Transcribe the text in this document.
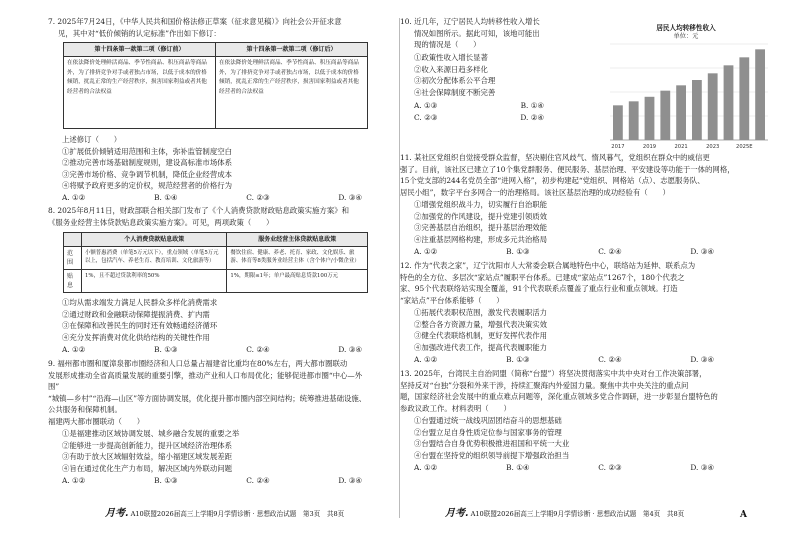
7. 2025年7月24日，《中华人民共和国价格法修正草案（征求意见稿）》向社会公开征求意
见，其中对“低价倾销的认定标准”作出如下修订：
第十四条第一款第二项（修订前）	第十四条第一款第二项（修订后）
在依法降价处理鲜活商品、季节性商品、积压商品等商品外，为了排挤竞争对手或者独占市场，以低于成本的价格倾销，扰乱正常的生产经营秩序，损害国家利益或者其他经营者的合法权益	在依法降价处理鲜活商品、季节性商品、积压商品等商品外，为了排挤竞争对手或者独占市场，以低于成本的价格倾销，扰乱正常的生产经营秩序，损害国家利益或者其他经营者的合法权益
上述修订（　　）
①扩展低价倾销适用范围和主体，弥补监管制度空白
②推动完善市场基础制度规则，建设高标准市场体系
③完善市场价格、竞争调节机制，降低企业经营成本
④将赋予政府更多的定价权，规范经营者的价格行为
A. ①②	B. ①④	C. ②③	D. ③④
8. 2025年8月11日，财政部联合相关部门发布了《个人消费贷款财政贴息政策实施方案》和
《服务业经营主体贷款贴息政策实施方案》。可见，两项政策（　　）
	个人消费贷款贴息政策	服务业经营主体贷款贴息政策
范围	小额普惠消费（单笔5万元以下），重点领域（单笔5万元以上，包括汽车、养老生育、教育培训、文化旅游等）	餐饮住宿、健康、养老、托育、家政、文化娱乐、旅游、体育等8类服务业经营主体（含个体户/小微企业）
贴息	1%，且不超过贷款利率的50%	1%，期限≤1年；单户最高贴息贷款100万元
①均从需求端发力满足人民群众多样化消费需求
②通过财政和金融联动保障提振消费、扩内需
③在保障和改善民生的同时还有效畅通经济循环
④充分发挥消费对优化供给结构的关键性作用
A. ①②	B. ①③	C. ②④	D. ③④
9. 福州都市圈和厦漳泉都市圈经济和人口总量占福建省比重均在80%左右，两大都市圈联动
发展形成推动全省高质量发展的重要引擎，推动产业和人口布局优化；能够促进都市圈“中心—外围”
“城镇—乡村”“沿海—山区”等方面协调发展，优化提升都市圈内部空间结构；统筹推进基础设施、公共服务和保障机制。
福建两大都市圈联动（　　）
①是福建推动区域协调发展、城乡融合发展的重要之举
②能够进一步提高创新能力，提升区域经济治理体系
③有助于放大区域辐射效益，缩小福建区域发展差距
④旨在通过优化生产力布局，解决区域内外联动问题
A. ①②	B. ①③	C. ②④	D. ③④
月考. A10联盟2026届高三上学期9月学情诊断 · 思想政治试题　第3页　共8页
10. 近几年，辽宁居民人均转移性收入增长
情况如图所示。据此可知，该地可能出
现的情况是（　　）
①政策性收入增长显著
②收入来源日趋多样化
③初次分配体系公平合理
④社会保障制度不断完善
A. ①③	B. ①④
C. ②③	D. ②④
居民人均转移性收入
单位：元
2017	2019	2021	2023	2025E
11. 某社区党组织自觉接受群众监督，坚决剔住官风歧气、惰风暮气，党组织在群众中的威信更
强了。目前，该社区已建立了10个集党群服务、便民服务、基层治理、平安建设等功能于一体的网格，
15个党支部的244名党员全部“进网入格”，初步构建起“党组织、网格站（点）、志愿服务队、
居民小组”，数字平台多网合一的治理格局。该社区基层治理的成功经验有（　　）
①增强党组织战斗力，切实履行自治职能
②加强党的作风建设，提升党建引领质效
③完善基层自治组织，提升基层治理效能
④注重基层网格构建，形成多元共治格局
A. ①②	B. ①③	C. ②④	D. ③④
12. 作为“代表之家”，辽宁沈阳市人大常委会联合属地特色中心，联络站为延伸、联系点为
特色的全方位、多层次“家站点”履职平台体系。已建成“家站点”1267个，180个代表之
家、95个代表联络站实现全覆盖，91个代表联系点覆盖了重点行业和重点领域。打造
“家站点”平台体系能够（　　）
①拓展代表职权范围，激发代表履职活力
②整合各方资源力量，增强代表决策实效
③健全代表联络机制，更好发挥代表作用
④加强改进代表工作，提高代表履职能力
A. ①②	B. ①③	C. ②④	D. ③④
13. 2025年，台湾民主自治同盟（简称“台盟”）将坚决贯彻落实中共中央对台工作决策部署，
坚持反对“台独”分裂和外来干涉，持续汇聚海内外爱国力量。聚焦中共中央关注的重点问
题，国家经济社会发展中的重点难点问题等，深化重点领域多党合作调研，进一步彰显台盟特色的
参政议政工作。材料表明（　　）
①台盟通过统一战线巩固团结奋斗的思想基础
②台盟立足自身性质定位参与国家事务的管理
③台盟结合自身优势积极推进祖国和平统一大业
④台盟在坚持党的组织领导前提下增强政治担当
A. ①②	B. ①④	C. ②③	D. ③④
月考. A10联盟2026届高三上学期9月学情诊断 · 思想政治试题　第4页　共8页	A
